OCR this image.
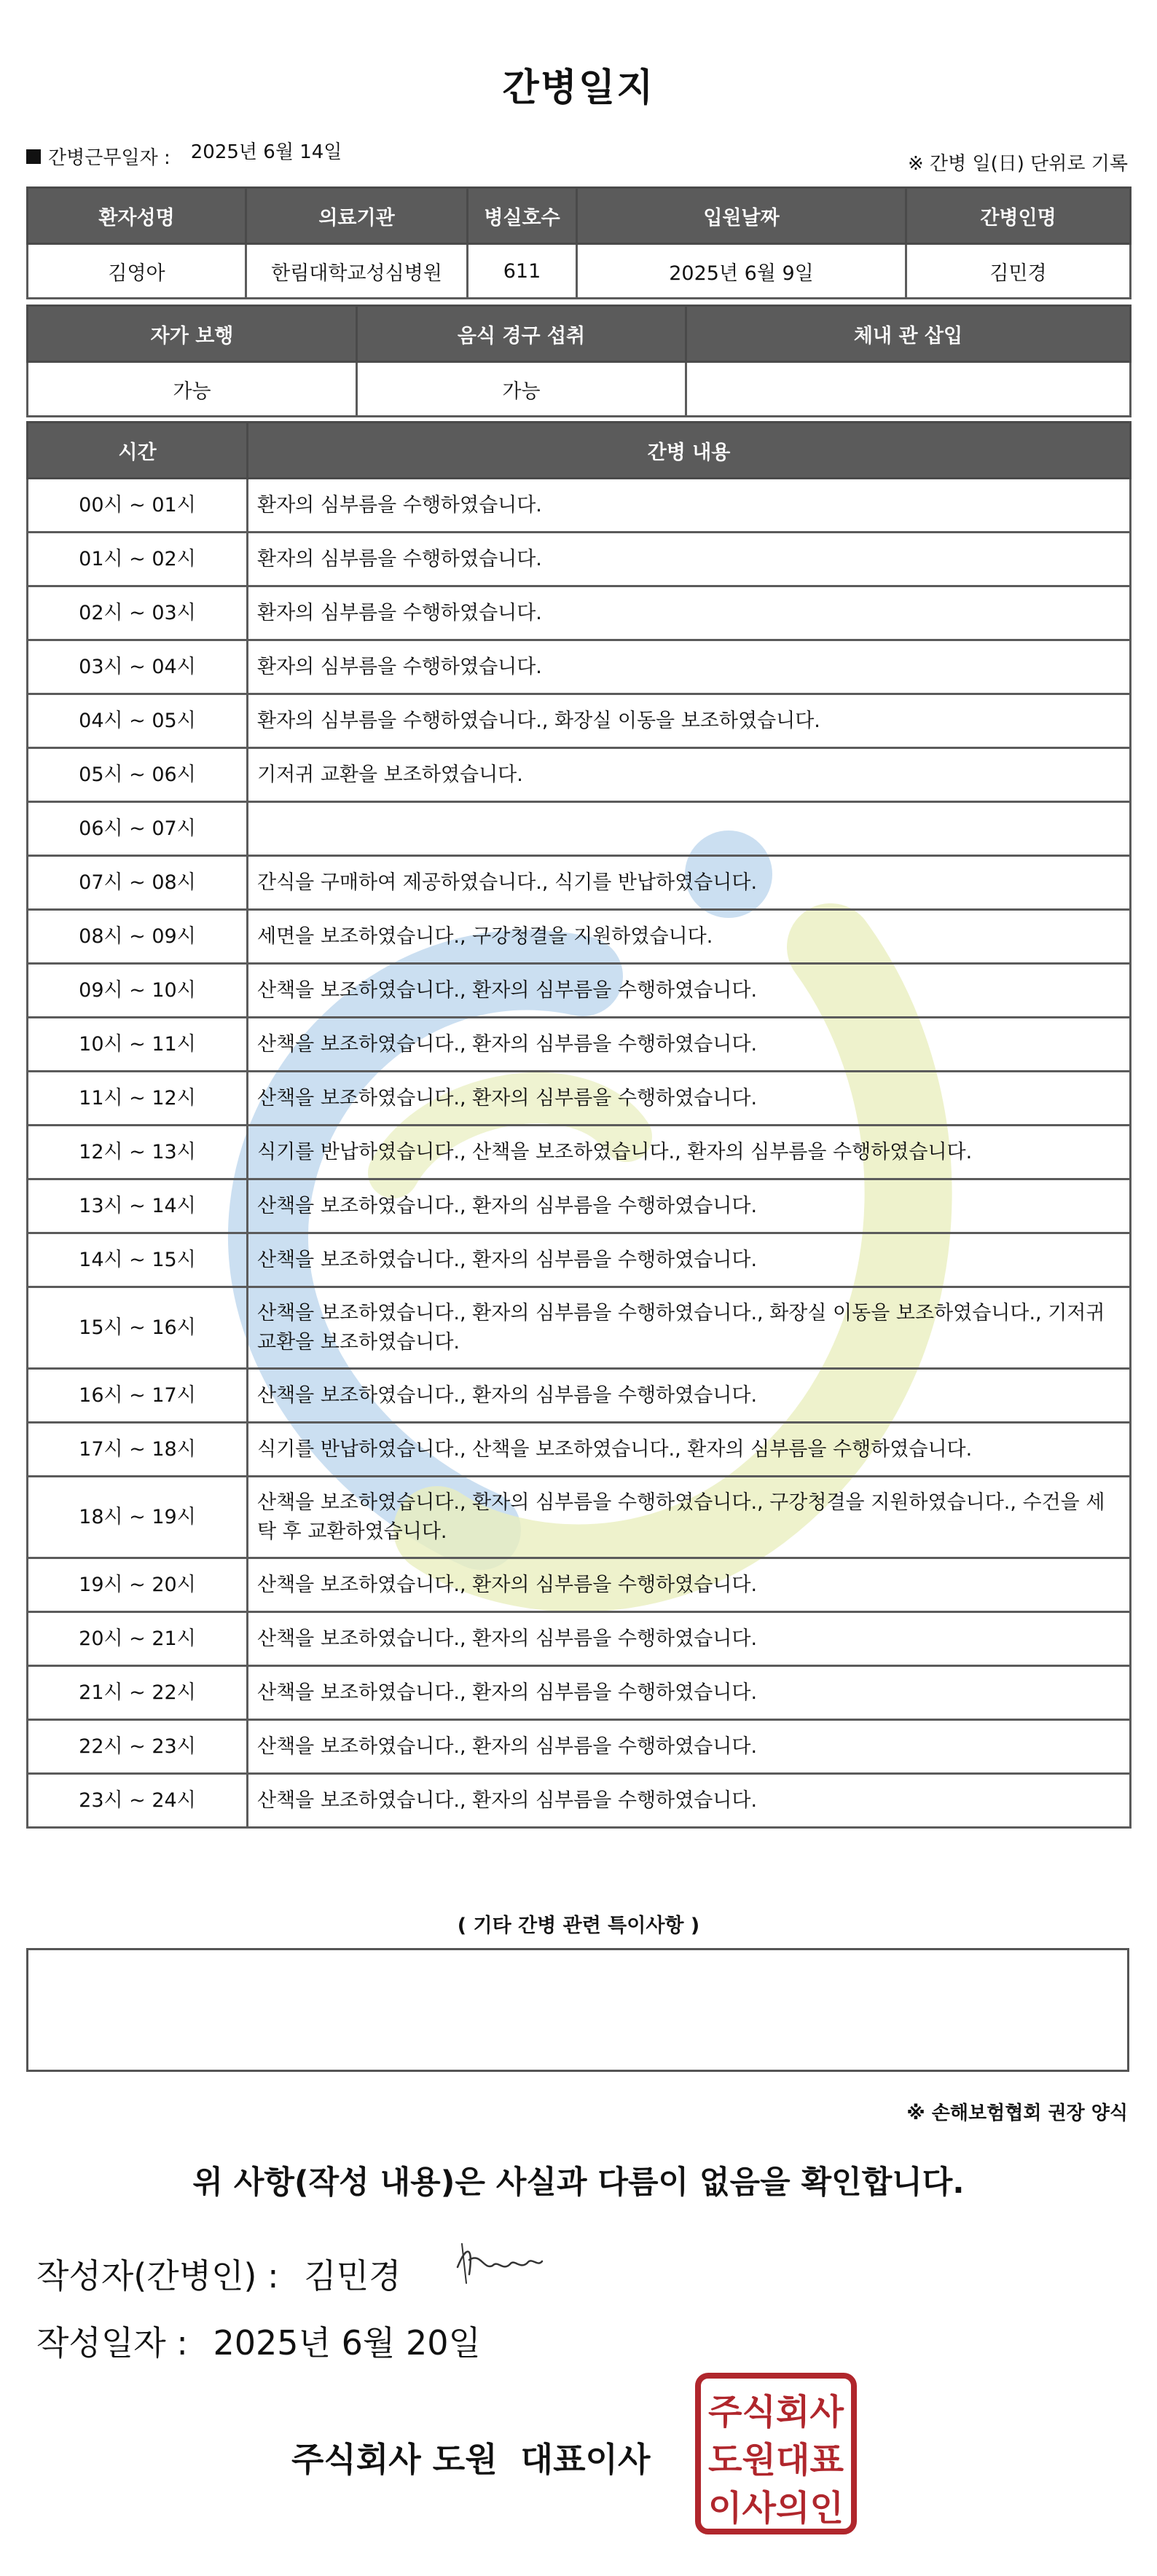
간병일지
간병근무일자 : 2025년 6월 14일
※ 간병 일(日) 단위로 기록
환자성명	의료기관	병실호수	입원날짜	간병인명
김영아	한림대학교성심병원	611	2025년 6월 9일	김민경
자가 보행	음식 경구 섭취	체내 관 삽입
가능	가능	
시간	간병 내용
00시 ~ 01시	환자의 심부름을 수행하였습니다.
01시 ~ 02시	환자의 심부름을 수행하였습니다.
02시 ~ 03시	환자의 심부름을 수행하였습니다.
03시 ~ 04시	환자의 심부름을 수행하였습니다.
04시 ~ 05시	환자의 심부름을 수행하였습니다., 화장실 이동을 보조하였습니다.
05시 ~ 06시	기저귀 교환을 보조하였습니다.
06시 ~ 07시	
07시 ~ 08시	간식을 구매하여 제공하였습니다., 식기를 반납하였습니다.
08시 ~ 09시	세면을 보조하였습니다., 구강청결을 지원하였습니다.
09시 ~ 10시	산책을 보조하였습니다., 환자의 심부름을 수행하였습니다.
10시 ~ 11시	산책을 보조하였습니다., 환자의 심부름을 수행하였습니다.
11시 ~ 12시	산책을 보조하였습니다., 환자의 심부름을 수행하였습니다.
12시 ~ 13시	식기를 반납하였습니다., 산책을 보조하였습니다., 환자의 심부름을 수행하였습니다.
13시 ~ 14시	산책을 보조하였습니다., 환자의 심부름을 수행하였습니다.
14시 ~ 15시	산책을 보조하였습니다., 환자의 심부름을 수행하였습니다.
15시 ~ 16시	산책을 보조하였습니다., 환자의 심부름을 수행하였습니다., 화장실 이동을 보조하였습니다., 기저귀 교환을 보조하였습니다.
16시 ~ 17시	산책을 보조하였습니다., 환자의 심부름을 수행하였습니다.
17시 ~ 18시	식기를 반납하였습니다., 산책을 보조하였습니다., 환자의 심부름을 수행하였습니다.
18시 ~ 19시	산책을 보조하였습니다., 환자의 심부름을 수행하였습니다., 구강청결을 지원하였습니다., 수건을 세탁 후 교환하였습니다.
19시 ~ 20시	산책을 보조하였습니다., 환자의 심부름을 수행하였습니다.
20시 ~ 21시	산책을 보조하였습니다., 환자의 심부름을 수행하였습니다.
21시 ~ 22시	산책을 보조하였습니다., 환자의 심부름을 수행하였습니다.
22시 ~ 23시	산책을 보조하였습니다., 환자의 심부름을 수행하였습니다.
23시 ~ 24시	산책을 보조하였습니다., 환자의 심부름을 수행하였습니다.
( 기타 간병 관련 특이사항 )
※ 손해보험협회 권장 양식
위 사항(작성 내용)은 사실과 다름이 없음을 확인합니다.
작성자(간병인) : 김민경
작성일자 : 2025년 6월 20일
주식회사 도원  대표이사
주식회사
도원대표
이사의인
